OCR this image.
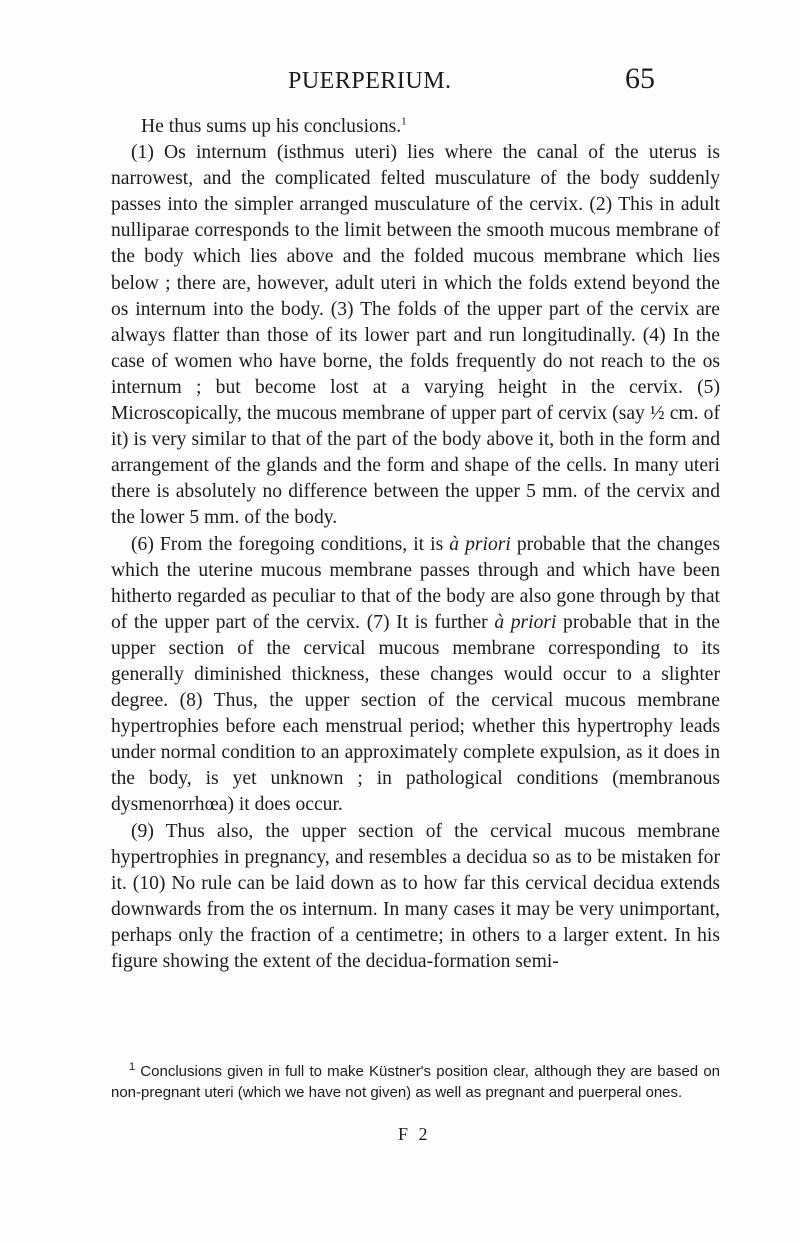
PUERPERIUM.	65

He thus sums up his conclusions.$^1$

(1) Os internum (isthmus uteri) lies where the canal of the uterus is narrowest, and the complicated felted musculature of the body suddenly passes into the simpler arranged musculature of the cervix. (2) This in adult nulliparae corresponds to the limit between the smooth mucous membrane of the body which lies above and the folded mucous membrane which lies below ; there are, however, adult uteri in which the folds extend beyond the os internum into the body. (3) The folds of the upper part of the cervix are always flatter than those of its lower part and run longitudinally. (4) In the case of women who have borne, the folds frequently do not reach to the os internum ; but become lost at a varying height in the cervix. (5) Microscopically, the mucous membrane of upper part of cervix (say ½ cm. of it) is very similar to that of the part of the body above it, both in the form and arrangement of the glands and the form and shape of the cells. In many uteri there is absolutely no difference between the upper 5 mm. of the cervix and the lower 5 mm. of the body.

(6) From the foregoing conditions, it is à priori probable that the changes which the uterine mucous membrane passes through and which have been hitherto regarded as peculiar to that of the body are also gone through by that of the upper part of the cervix. (7) It is further à priori probable that in the upper section of the cervical mucous membrane corresponding to its generally diminished thickness, these changes would occur to a slighter degree. (8) Thus, the upper section of the cervical mucous membrane hypertrophies before each menstrual period; whether this hypertrophy leads under normal condition to an approximately complete expulsion, as it does in the body, is yet unknown ; in pathological conditions (membranous dysmenorrhœa) it does occur.

(9) Thus also, the upper section of the cervical mucous membrane hypertrophies in pregnancy, and resembles a decidua so as to be mistaken for it. (10) No rule can be laid down as to how far this cervical decidua extends downwards from the os internum. In many cases it may be very unimportant, perhaps only the fraction of a centimetre; in others to a larger extent. In his figure showing the extent of the decidua-formation semi-

$^1$ Conclusions given in full to make Küstner's position clear, although they are based on non-pregnant uteri (which we have not given) as well as pregnant and puerperal ones.
F 2
